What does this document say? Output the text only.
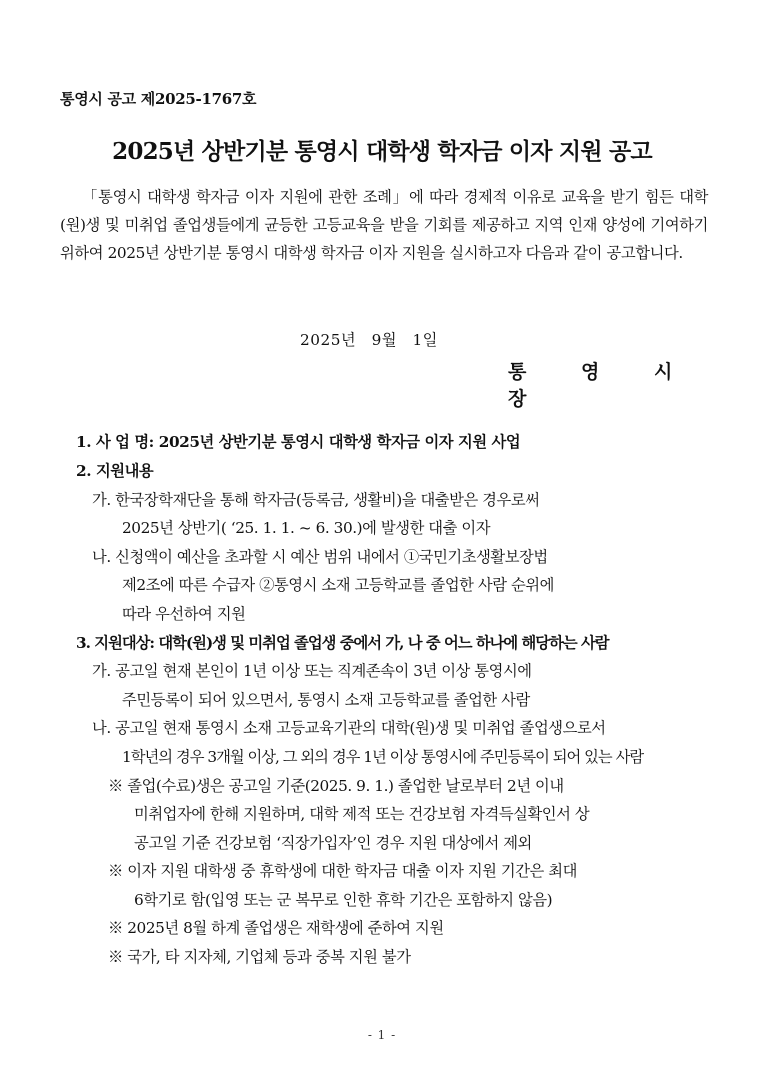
통영시 공고 제2025-1767호
2025년 상반기분 통영시 대학생 학자금 이자 지원 공고
「통영시 대학생 학자금 이자 지원에 관한 조례」에 따라 경제적 이유로 교육을 받기 힘든 대학(원)생 및 미취업 졸업생들에게 균등한 고등교육을 받을 기회를 제공하고 지역 인재 양성에 기여하기 위하여 2025년 상반기분 통영시 대학생 학자금 이자 지원을 실시하고자 다음과 같이 공고합니다.
2025년 9월 1일
통 영 시 장
1. 사 업 명: 2025년 상반기분 통영시 대학생 학자금 이자 지원 사업
2. 지원내용
가. 한국장학재단을 통해 학자금(등록금, 생활비)을 대출받은 경우로써
2025년 상반기( ‘25. 1. 1. ~ 6. 30.)에 발생한 대출 이자
나. 신청액이 예산을 초과할 시 예산 범위 내에서 ①국민기초생활보장법
제2조에 따른 수급자 ②통영시 소재 고등학교를 졸업한 사람 순위에
따라 우선하여 지원
3. 지원대상: 대학(원)생 및 미취업 졸업생 중에서 가, 나 중 어느 하나에 해당하는 사람
가. 공고일 현재 본인이 1년 이상 또는 직계존속이 3년 이상 통영시에
주민등록이 되어 있으면서, 통영시 소재 고등학교를 졸업한 사람
나. 공고일 현재 통영시 소재 고등교육기관의 대학(원)생 및 미취업 졸업생으로서
1학년의 경우 3개월 이상, 그 외의 경우 1년 이상 통영시에 주민등록이 되어 있는 사람
※ 졸업(수료)생은 공고일 기준(2025. 9. 1.) 졸업한 날로부터 2년 이내
미취업자에 한해 지원하며, 대학 제적 또는 건강보험 자격득실확인서 상
공고일 기준 건강보험 ‘직장가입자’인 경우 지원 대상에서 제외
※ 이자 지원 대학생 중 휴학생에 대한 학자금 대출 이자 지원 기간은 최대
6학기로 함(입영 또는 군 복무로 인한 휴학 기간은 포함하지 않음)
※ 2025년 8월 하계 졸업생은 재학생에 준하여 지원
※ 국가, 타 지자체, 기업체 등과 중복 지원 불가
- 1 -
